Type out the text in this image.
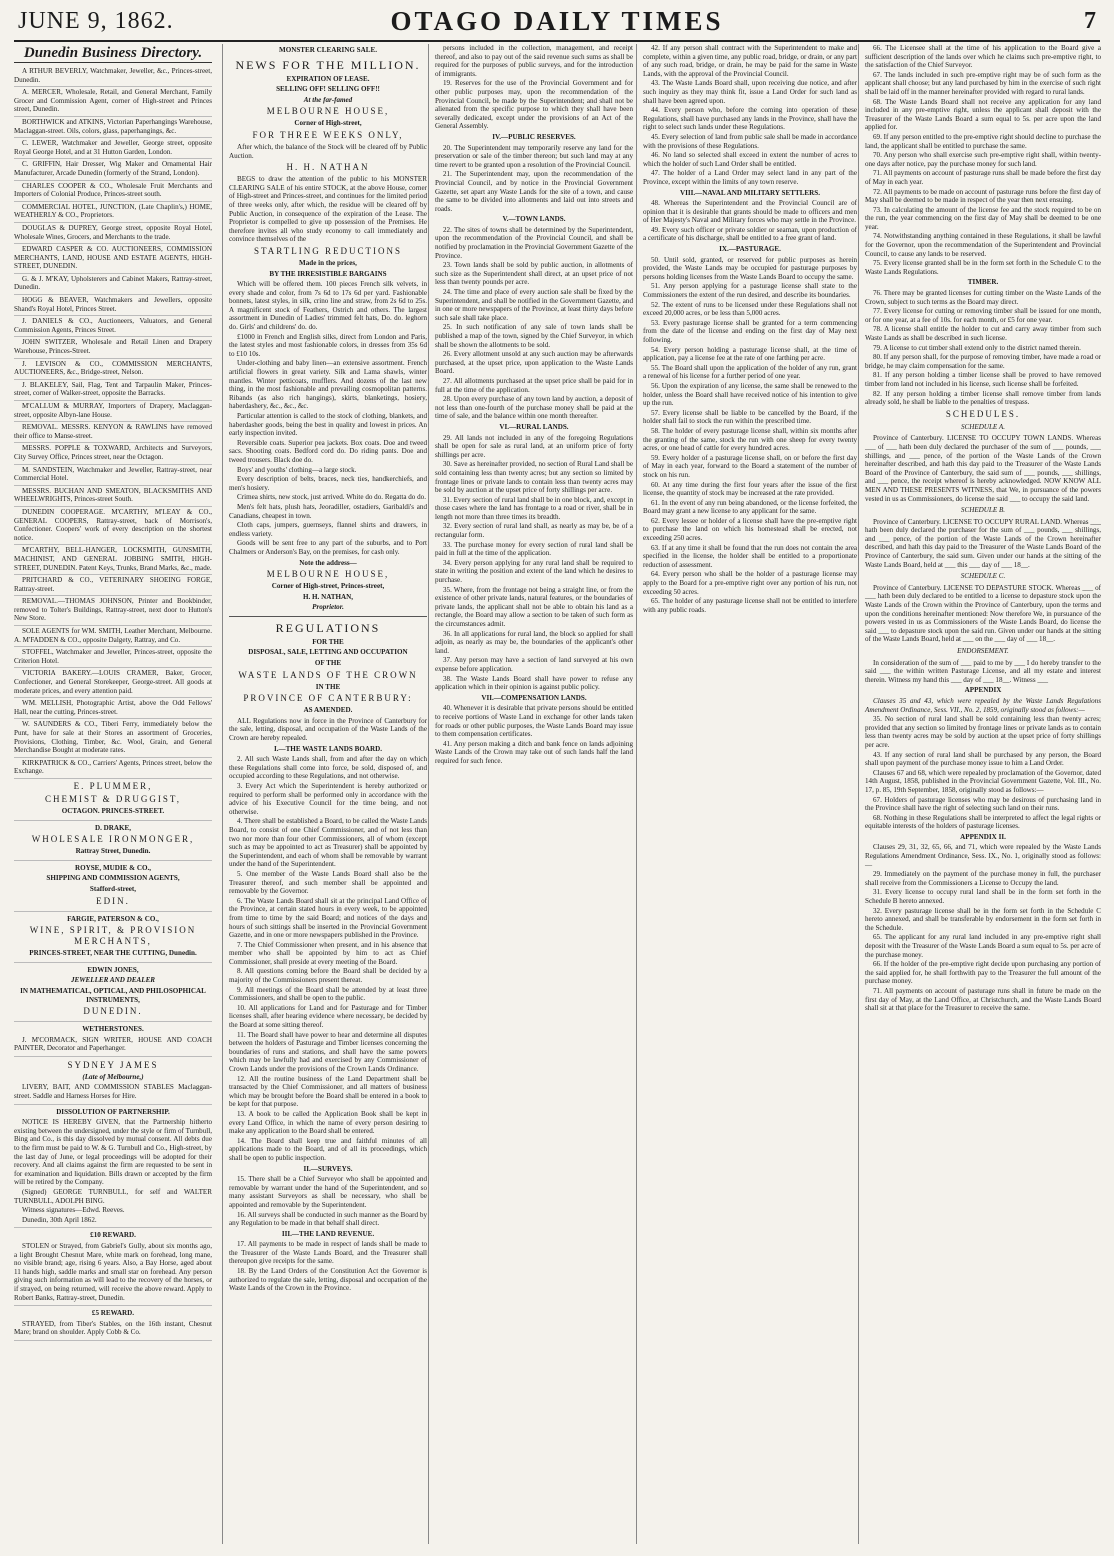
JUNE 9, 1862.	OTAGO DAILY TIMES	7
Dunedin Business Directory.
A RTHUR BEVERLY, Watchmaker, Jeweller, &c., Princes-street, Dunedin.
A. MERCER, Wholesale, Retail, and General Merchant, Family Grocer and Commission Agent, corner of High-street and Princes street, Dunedin.
BORTHWICK and ATKINS, Victorian Paperhangings Warehouse, Maclaggan-street. Oils, colors, glass, paperhangings, &c.
C. LEWER, Watchmaker and Jeweller, George street, opposite Royal George Hotel, and at 31 Hutton Garden, London.
C. GRIFFIN, Hair Dresser, Wig Maker and Ornamental Hair Manufacturer, Arcade Dunedin (formerly of the Strand, London).
CHARLES COOPER & CO., Wholesale Fruit Merchants and Importers of Colonial Produce, Princes-street south.
COMMERCIAL HOTEL, JUNCTION, (Late Chaplin's,) HOME, WEATHERLY & CO., Proprietors.
DOUGLAS & DUPREY, George street, opposite Royal Hotel, Wholesale Wines, Grocers, and Merchants to the trade.
EDWARD CASPER & CO. AUCTIONEERS, COMMISSION MERCHANTS, LAND, HOUSE AND ESTATE AGENTS, HIGH-STREET, DUNEDIN.
G. & J. M'KAY, Upholsterers and Cabinet Makers, Rattray-street, Dunedin.
HOGG & BEAVER, Watchmakers and Jewellers, opposite Shand's Royal Hotel, Princes Street.
J. DANIELS & CO., Auctioneers, Valuators, and General Commission Agents, Princes Street.
JOHN SWITZER, Wholesale and Retail Linen and Drapery Warehouse, Princes-Street.
J. LEVISON & CO., COMMISSION MERCHANTS, AUCTIONEERS, &c., Bridge-street, Nelson.
J. BLAKELEY, Sail, Flag, Tent and Tarpaulin Maker, Princes-street, corner of Walker-street, opposite the Barracks.
M'CALLUM & MURRAY, Importers of Drapery, Maclaggan-street, opposite Albyn-lane House.
REMOVAL. MESSRS. KENYON & RAWLINS have removed their office to Manse-street.
MESSRS. POPPLE & TOXWARD, Architects and Surveyors, City Survey Office, Princes street, near the Octagon.
M. SANDSTEIN, Watchmaker and Jeweller, Rattray-street, near Commercial Hotel.
MESSRS. BUCHAN AND SMEATON, BLACKSMITHS AND WHEELWRIGHTS, Princes-street South.
DUNEDIN COOPERAGE. M'CARTHY, M'LEAY & CO., GENERAL COOPERS, Rattray-street, back of Morrison's, Confectioner. Coopers' work of every description on the shortest notice.
M'CARTHY, BELL-HANGER, LOCKSMITH, GUNSMITH, MACHINIST, AND GENERAL JOBBING SMITH, HIGH-STREET, DUNEDIN. Patent Keys, Trunks, Brand Marks, &c., made.
PRITCHARD & CO., VETERINARY SHOEING FORGE, Rattray-street.
REMOVAL.—THOMAS JOHNSON, Printer and Bookbinder, removed to Tolter's Buildings, Rattray-street, next door to Hutton's New Store.
SOLE AGENTS for WM. SMITH, Leather Merchant, Melbourne. A. M'FADDEN & CO., opposite Dalgety, Rattray, and Co.
STOFFEL, Watchmaker and Jeweller, Princes-street, opposite the Criterion Hotel.
VICTORIA BAKERY.—LOUIS CRAMER, Baker, Grocer, Confectioner, and General Storekeeper, George-street. All goods at moderate prices, and every attention paid.
WM. MELLISH, Photographic Artist, above the Odd Fellows' Hall, near the cutting, Princes-street.
W. SAUNDERS & CO., Tiberi Ferry, immediately below the Punt, have for sale at their Stores an assortment of Groceries, Provisions, Clothing, Timber, &c. Wool, Grain, and General Merchandise Bought at moderate rates.
KIRKPATRICK & CO., Carriers' Agents, Princes street, below the Exchange.
E. PLUMMER,
CHEMIST & DRUGGIST,
OCTAGON. PRINCES-STREET.
D. DRAKE,
WHOLESALE IRONMONGER,
Rattray Street, Dunedin.
ROYSE, MUDIE & CO.,
SHIPPING AND COMMISSION AGENTS,
Stafford-street,
EDIN.
FARGIE, PATERSON & CO.,
WINE, SPIRIT, & PROVISION MERCHANTS,
PRINCES-STREET, NEAR THE CUTTING, Dunedin.
EDWIN JONES,
JEWELLER AND DEALER
IN MATHEMATICAL, OPTICAL, AND PHILOSOPHICAL INSTRUMENTS,
DUNEDIN.
WETHERSTONES.
J. M'CORMACK, SIGN WRITER, HOUSE AND COACH PAINTER, Decorator and Paperhanger.
SYDNEY JAMES
(Late of Melbourne,)
LIVERY, BAIT, AND COMMISSION STABLES Maclaggan-street. Saddle and Harness Horses for Hire.
DISSOLUTION OF PARTNERSHIP.
NOTICE IS HEREBY GIVEN, that the Partnership hitherto existing between the undersigned, under the style or firm of Turnbull, Bing and Co., is this day dissolved by mutual consent. All debts due to the firm must be paid to W. & G. Turnbull and Co., High-street, by the last day of June, or legal proceedings will be adopted for their recovery. And all claims against the firm are requested to be sent in for examination and liquidation. Bills drawn or accepted by the firm will be retired by the Company.
(Signed) GEORGE TURNBULL, for self and WALTER TURNBULL, ADOLPH BING.
Witness signatures—Edwd. Reeves.
Dunedin, 30th April 1862.
£10 REWARD.
STOLEN or Strayed, from Gabriel's Gully, about six months ago, a light Brought Chesnut Mare, white mark on forehead, long mane, no visible brand; age, rising 6 years. Also, a Bay Horse, aged about 11 hands high, saddle marks and small star on forehead. Any person giving such information as will lead to the recovery of the horses, or if strayed, on being returned, will receive the above reward. Apply to Robert Banks, Rattray-street, Dunedin.
£5 REWARD.
STRAYED, from Tiber's Stables, on the 16th instant, Chesnut Mare; brand on shoulder. Apply Cobb & Co.
MONSTER CLEARING SALE.
NEWS FOR THE MILLION.
EXPIRATION OF LEASE.
SELLING OFF! SELLING OFF!!
At the far-famed
MELBOURNE HOUSE,
Corner of High-street,
FOR THREE WEEKS ONLY,
After which, the balance of the Stock will be cleared off by Public Auction.
H. H. NATHAN
BEGS to draw the attention of the public to his MONSTER CLEARING SALE of his entire STOCK, at the above House, corner of High-street and Princes-street, and continues for the limited period of three weeks only, after which, the residue will be cleared off by Public Auction, in consequence of the expiration of the Lease. The Proprietor is compelled to give up possession of the Premises. He therefore invites all who study economy to call immediately and convince themselves of the
STARTLING REDUCTIONS
Made in the prices,
BY THE IRRESISTIBLE BARGAINS
Which will be offered them. 100 pieces French silk velvets, in every shade and color, from 7s 6d to 17s 6d per yard. Fashionable bonnets, latest styles, in silk, crino line and straw, from 2s 6d to 25s. A magnificent stock of Feathers, Ostrich and others. The largest assortment in Dunedin of Ladies' trimmed felt hats, Do. do. leghorn do. Girls' and childrens' do. do.
£1000 in French and English silks, direct from London and Paris, the latest styles and most fashionable colors, in dresses from 35s 6d to £10 10s.
Under-clothing and baby linen—an extensive assortment. French artificial flowers in great variety. Silk and Lama shawls, winter mantles. Winter petticoats, mufflers. And dozens of the last new thing, in the most fashionable and prevailing cosmopolitan patterns. Ribands (as also rich hangings), skirts, blanketings, hosiery, haberdashery, &c., &c., &c.
Particular attention is called to the stock of clothing, blankets, and haberdasher goods, being the best in quality and lowest in prices. An early inspection invited.
Reversible coats. Superior pea jackets. Box coats. Doe and tweed sacs. Shooting coats. Bedford cord do. Do riding pants. Doe and tweed trousers. Black doe do.
Boys' and youths' clothing—a large stock.
Every description of belts, braces, neck ties, handkerchiefs, and men's hosiery.
Crimea shirts, new stock, just arrived. White do do. Regatta do do.
Men's felt hats, plush hats, Jeoradiller, ostadiers, Garibaldi's and Canadians, cheapest in town.
Cloth caps, jumpers, guernseys, flannel shirts and drawers, in endless variety.
Goods will be sent free to any part of the suburbs, and to Port Chalmers or Anderson's Bay, on the premises, for cash only.
Note the address—
MELBOURNE HOUSE,
Corner of High-street, Princes-street,
H. H. NATHAN,
Proprietor.
REGULATIONS
FOR THE
DISPOSAL, SALE, LETTING AND OCCUPATION
OF THE
WASTE LANDS OF THE CROWN
IN THE
PROVINCE OF CANTERBURY:
AS AMENDED.
ALL Regulations now in force in the Province of Canterbury for the sale, letting, disposal, and occupation of the Waste Lands of the Crown are hereby repealed.
I.—THE WASTE LANDS BOARD.
2. All such Waste Lands shall, from and after the day on which these Regulations shall come into force, be sold, disposed of, and occupied according to these Regulations, and not otherwise.
3. Every Act which the Superintendent is hereby authorized or required to perform shall be performed only in accordance with the advice of his Executive Council for the time being, and not otherwise.
4. There shall be established a Board, to be called the Waste Lands Board, to consist of one Chief Commissioner, and of not less than two nor more than four other Commissioners, all of whom (except such as may be appointed to act as Treasurer) shall be appointed by the Superintendent, and each of whom shall be removable by warrant under the hand of the Superintendent.
5. One member of the Waste Lands Board shall also be the Treasurer thereof, and such member shall be appointed and removable by the Governor.
6. The Waste Lands Board shall sit at the principal Land Office of the Province, at certain stated hours in every week, to be appointed from time to time by the said Board; and notices of the days and hours of such sittings shall be inserted in the Provincial Government Gazette, and in one or more newspapers published in the Province.
7. The Chief Commissioner when present, and in his absence that member who shall be appointed by him to act as Chief Commissioner, shall preside at every meeting of the Board.
8. All questions coming before the Board shall be decided by a majority of the Commissioners present thereat.
9. All meetings of the Board shall be attended by at least three Commissioners, and shall be open to the public.
10. All applications for Land and for Pasturage and for Timber licenses shall, after hearing evidence where necessary, be decided by the Board at some sitting thereof.
11. The Board shall have power to hear and determine all disputes between the holders of Pasturage and Timber licenses concerning the boundaries of runs and stations, and shall have the same powers which may be lawfully had and exercised by any Commissioner of Crown Lands under the provisions of the Crown Lands Ordinance.
12. All the routine business of the Land Department shall be transacted by the Chief Commissioner, and all matters of business which may be brought before the Board shall be entered in a book to be kept for that purpose.
13. A book to be called the Application Book shall be kept in every Land Office, in which the name of every person desiring to make any application to the Board shall be entered.
14. The Board shall keep true and faithful minutes of all applications made to the Board, and of all its proceedings, which shall be open to public inspection.
II.—SURVEYS.
15. There shall be a Chief Surveyor who shall be appointed and removable by warrant under the hand of the Superintendent, and so many assistant Surveyors as shall be necessary, who shall be appointed and removable by the Superintendent.
16. All surveys shall be conducted in such manner as the Board by any Regulation to be made in that behalf shall direct.
III.—THE LAND REVENUE.
17. All payments to be made in respect of lands shall be made to the Treasurer of the Waste Lands Board, and the Treasurer shall thereupon give receipts for the same.
18. By the Land Orders of the Constitution Act the Governor is authorized to regulate the sale, letting, disposal and occupation of the Waste Lands of the Crown in the Province.
persons included in the collection, management, and receipt thereof, and also to pay out of the said revenue such sums as shall be required for the purposes of public surveys, and for the introduction of immigrants.
19. Reserves for the use of the Provincial Government and for other public purposes may, upon the recommendation of the Provincial Council, be made by the Superintendent; and shall not be alienated from the specific purpose to which they shall have been severally dedicated, except under the provisions of an Act of the General Assembly.
IV.—PUBLIC RESERVES.
20. The Superintendent may temporarily reserve any land for the preservation or sale of the timber thereon; but such land may at any time revert to be granted upon a resolution of the Provincial Council.
21. The Superintendent may, upon the recommendation of the Provincial Council, and by notice in the Provincial Government Gazette, set apart any Waste Lands for the site of a town, and cause the same to be divided into allotments and laid out into streets and roads.
V.—TOWN LANDS.
22. The sites of towns shall be determined by the Superintendent, upon the recommendation of the Provincial Council, and shall be notified by proclamation in the Provincial Government Gazette of the Province.
23. Town lands shall be sold by public auction, in allotments of such size as the Superintendent shall direct, at an upset price of not less than twenty pounds per acre.
24. The time and place of every auction sale shall be fixed by the Superintendent, and shall be notified in the Government Gazette, and in one or more newspapers of the Province, at least thirty days before such sale shall take place.
25. In such notification of any sale of town lands shall be published a map of the town, signed by the Chief Surveyor, in which shall be shown the allotments to be sold.
26. Every allotment unsold at any such auction may be afterwards purchased, at the upset price, upon application to the Waste Lands Board.
27. All allotments purchased at the upset price shall be paid for in full at the time of the application.
28. Upon every purchase of any town land by auction, a deposit of not less than one-fourth of the purchase money shall be paid at the time of sale, and the balance within one month thereafter.
VI.—RURAL LANDS.
29. All lands not included in any of the foregoing Regulations shall be open for sale as rural land, at an uniform price of forty shillings per acre.
30. Save as hereinafter provided, no section of Rural Land shall be sold containing less than twenty acres; but any section so limited by frontage lines or private lands to contain less than twenty acres may be sold by auction at the upset price of forty shillings per acre.
31. Every section of rural land shall be in one block, and, except in those cases where the land has frontage to a road or river, shall be in length not more than three times its breadth.
32. Every section of rural land shall, as nearly as may be, be of a rectangular form.
33. The purchase money for every section of rural land shall be paid in full at the time of the application.
34. Every person applying for any rural land shall be required to state in writing the position and extent of the land which he desires to purchase.
35. Where, from the frontage not being a straight line, or from the existence of other private lands, natural features, or the boundaries of private lands, the applicant shall not be able to obtain his land as a rectangle, the Board may allow a section to be taken of such form as the circumstances admit.
36. In all applications for rural land, the block so applied for shall adjoin, as nearly as may be, the boundaries of the applicant's other land.
37. Any person may have a section of land surveyed at his own expense before application.
38. The Waste Lands Board shall have power to refuse any application which in their opinion is against public policy.
VII.—COMPENSATION LANDS.
40. Whenever it is desirable that private persons should be entitled to receive portions of Waste Land in exchange for other lands taken for roads or other public purposes, the Waste Lands Board may issue to them compensation certificates.
41. Any person making a ditch and bank fence on lands adjoining Waste Lands of the Crown may take out of such lands half the land required for such fence.
42. If any person shall contract with the Superintendent to make and complete, within a given time, any public road, bridge, or drain, or any part of any such road, bridge, or drain, he may be paid for the same in Waste Lands, with the approval of the Provincial Council.
43. The Waste Lands Board shall, upon receiving due notice, and after such inquiry as they may think fit, issue a Land Order for such land as shall have been agreed upon.
44. Every person who, before the coming into operation of these Regulations, shall have purchased any lands in the Province, shall have the right to select such lands under these Regulations.
45. Every selection of land from public sale shall be made in accordance with the provisions of these Regulations.
46. No land so selected shall exceed in extent the number of acres to which the holder of such Land Order shall be entitled.
47. The holder of a Land Order may select land in any part of the Province, except within the limits of any town reserve.
VIII.—NAVAL AND MILITARY SETTLERS.
48. Whereas the Superintendent and the Provincial Council are of opinion that it is desirable that grants should be made to officers and men of Her Majesty's Naval and Military forces who may settle in the Province.
49. Every such officer or private soldier or seaman, upon production of a certificate of his discharge, shall be entitled to a free grant of land.
IX.—PASTURAGE.
50. Until sold, granted, or reserved for public purposes as herein provided, the Waste Lands may be occupied for pasturage purposes by persons holding licenses from the Waste Lands Board to occupy the same.
51. Any person applying for a pasturage license shall state to the Commissioners the extent of the run desired, and describe its boundaries.
52. The extent of runs to be licensed under these Regulations shall not exceed 20,000 acres, or be less than 5,000 acres.
53. Every pasturage license shall be granted for a term commencing from the date of the license and ending on the first day of May next following.
54. Every person holding a pasturage license shall, at the time of application, pay a license fee at the rate of one farthing per acre.
55. The Board shall upon the application of the holder of any run, grant a renewal of his license for a further period of one year.
56. Upon the expiration of any license, the same shall be renewed to the holder, unless the Board shall have received notice of his intention to give up the run.
57. Every license shall be liable to be cancelled by the Board, if the holder shall fail to stock the run within the prescribed time.
58. The holder of every pasturage license shall, within six months after the granting of the same, stock the run with one sheep for every twenty acres, or one head of cattle for every hundred acres.
59. Every holder of a pasturage license shall, on or before the first day of May in each year, forward to the Board a statement of the number of stock on his run.
60. At any time during the first four years after the issue of the first license, the quantity of stock may be increased at the rate provided.
61. In the event of any run being abandoned, or the license forfeited, the Board may grant a new license to any applicant for the same.
62. Every lessee or holder of a license shall have the pre-emptive right to purchase the land on which his homestead shall be erected, not exceeding 250 acres.
63. If at any time it shall be found that the run does not contain the area specified in the license, the holder shall be entitled to a proportionate reduction of assessment.
64. Every person who shall be the holder of a pasturage license may apply to the Board for a pre-emptive right over any portion of his run, not exceeding 50 acres.
65. The holder of any pasturage license shall not be entitled to interfere with any public roads.
66. The Licensee shall at the time of his application to the Board give a sufficient description of the lands over which he claims such pre-emptive right, to the satisfaction of the Chief Surveyor.
67. The lands included in such pre-emptive right may be of such form as the applicant shall choose; but any land purchased by him in the exercise of such right shall be laid off in the manner hereinafter provided with regard to rural lands.
68. The Waste Lands Board shall not receive any application for any land included in any pre-emptive right, unless the applicant shall deposit with the Treasurer of the Waste Lands Board a sum equal to 5s. per acre upon the land applied for.
69. If any person entitled to the pre-emptive right should decline to purchase the land, the applicant shall be entitled to purchase the same.
70. Any person who shall exercise such pre-emptive right shall, within twenty-one days after notice, pay the purchase money for such land.
71. All payments on account of pasturage runs shall be made before the first day of May in each year.
72. All payments to be made on account of pasturage runs before the first day of May shall be deemed to be made in respect of the year then next ensuing.
73. In calculating the amount of the license fee and the stock required to be on the run, the year commencing on the first day of May shall be deemed to be one year.
74. Notwithstanding anything contained in these Regulations, it shall be lawful for the Governor, upon the recommendation of the Superintendent and Provincial Council, to cause any lands to be reserved.
75. Every license granted shall be in the form set forth in the Schedule C to the Waste Lands Regulations.
TIMBER.
76. There may be granted licenses for cutting timber on the Waste Lands of the Crown, subject to such terms as the Board may direct.
77. Every license for cutting or removing timber shall be issued for one month, or for one year, at a fee of 10s. for each month, or £5 for one year.
78. A license shall entitle the holder to cut and carry away timber from such Waste Lands as shall be described in such license.
79. A license to cut timber shall extend only to the district named therein.
80. If any person shall, for the purpose of removing timber, have made a road or bridge, he may claim compensation for the same.
81. If any person holding a timber license shall be proved to have removed timber from land not included in his license, such license shall be forfeited.
82. If any person holding a timber license shall remove timber from lands already sold, he shall be liable to the penalties of trespass.
SCHEDULES.
SCHEDULE A.
Province of Canterbury. LICENSE TO OCCUPY TOWN LANDS. Whereas ___ of ___ hath been duly declared the purchaser of the sum of ___ pounds, ___ shillings, and ___ pence, of the portion of the Waste Lands of the Crown hereinafter described, and hath this day paid to the Treasurer of the Waste Lands Board of the Province of Canterbury, the said sum of ___ pounds, ___ shillings, and ___ pence, the receipt whereof is hereby acknowledged. NOW KNOW ALL MEN AND THESE PRESENTS WITNESS, that We, in pursuance of the powers vested in us as Commissioners, do license the said ___ to occupy the said land.
SCHEDULE B.
Province of Canterbury. LICENSE TO OCCUPY RURAL LAND. Whereas ___ hath been duly declared the purchaser for the sum of ___ pounds, ___ shillings, and ___ pence, of the portion of the Waste Lands of the Crown hereinafter described, and hath this day paid to the Treasurer of the Waste Lands Board of the Province of Canterbury, the said sum. Given under our hands at the sitting of the Waste Lands Board, held at ___ this ___ day of ___ 18__.
SCHEDULE C.
Province of Canterbury. LICENSE TO DEPASTURE STOCK. Whereas ___ of ___ hath been duly declared to be entitled to a license to depasture stock upon the Waste Lands of the Crown within the Province of Canterbury, upon the terms and upon the conditions hereinafter mentioned: Now therefore We, in pursuance of the powers vested in us as Commissioners of the Waste Lands Board, do license the said ___ to depasture stock upon the said run. Given under our hands at the sitting of the Waste Lands Board, held at ___ on the ___ day of ___ 18__.
ENDORSEMENT.
In consideration of the sum of ___ paid to me by ___ I do hereby transfer to the said ___ the within written Pasturage License, and all my estate and interest therein. Witness my hand this ___ day of ___ 18__. Witness ___
APPENDIX
Clauses 35 and 43, which were repealed by the Waste Lands Regulations Amendment Ordinance, Sess. VII., No. 2, 1859, originally stood as follows:—
35. No section of rural land shall be sold containing less than twenty acres; provided that any section so limited by frontage lines or private lands as to contain less than twenty acres may be sold by auction at the upset price of forty shillings per acre.
43. If any section of rural land shall be purchased by any person, the Board shall upon payment of the purchase money issue to him a Land Order.
Clauses 67 and 68, which were repealed by proclamation of the Governor, dated 14th August, 1858, published in the Provincial Government Gazette, Vol. III., No. 17, p. 85, 19th September, 1858, originally stood as follows:—
67. Holders of pasturage licenses who may be desirous of purchasing land in the Province shall have the right of selecting such land on their runs.
68. Nothing in these Regulations shall be interpreted to affect the legal rights or equitable interests of the holders of pasturage licenses.
APPENDIX II.
Clauses 29, 31, 32, 65, 66, and 71, which were repealed by the Waste Lands Regulations Amendment Ordinance, Sess. IX., No. 1, originally stood as follows:—
29. Immediately on the payment of the purchase money in full, the purchaser shall receive from the Commissioners a License to Occupy the land.
31. Every license to occupy rural land shall be in the form set forth in the Schedule B hereto annexed.
32. Every pasturage license shall be in the form set forth in the Schedule C hereto annexed, and shall be transferable by endorsement in the form set forth in the Schedule.
65. The applicant for any rural land included in any pre-emptive right shall deposit with the Treasurer of the Waste Lands Board a sum equal to 5s. per acre of the purchase money.
66. If the holder of the pre-emptive right decide upon purchasing any portion of the said applied for, he shall forthwith pay to the Treasurer the full amount of the purchase money.
71. All payments on account of pasturage runs shall in future be made on the first day of May, at the Land Office, at Christchurch, and the Waste Lands Board shall sit at that place for the Treasurer to receive the same.
